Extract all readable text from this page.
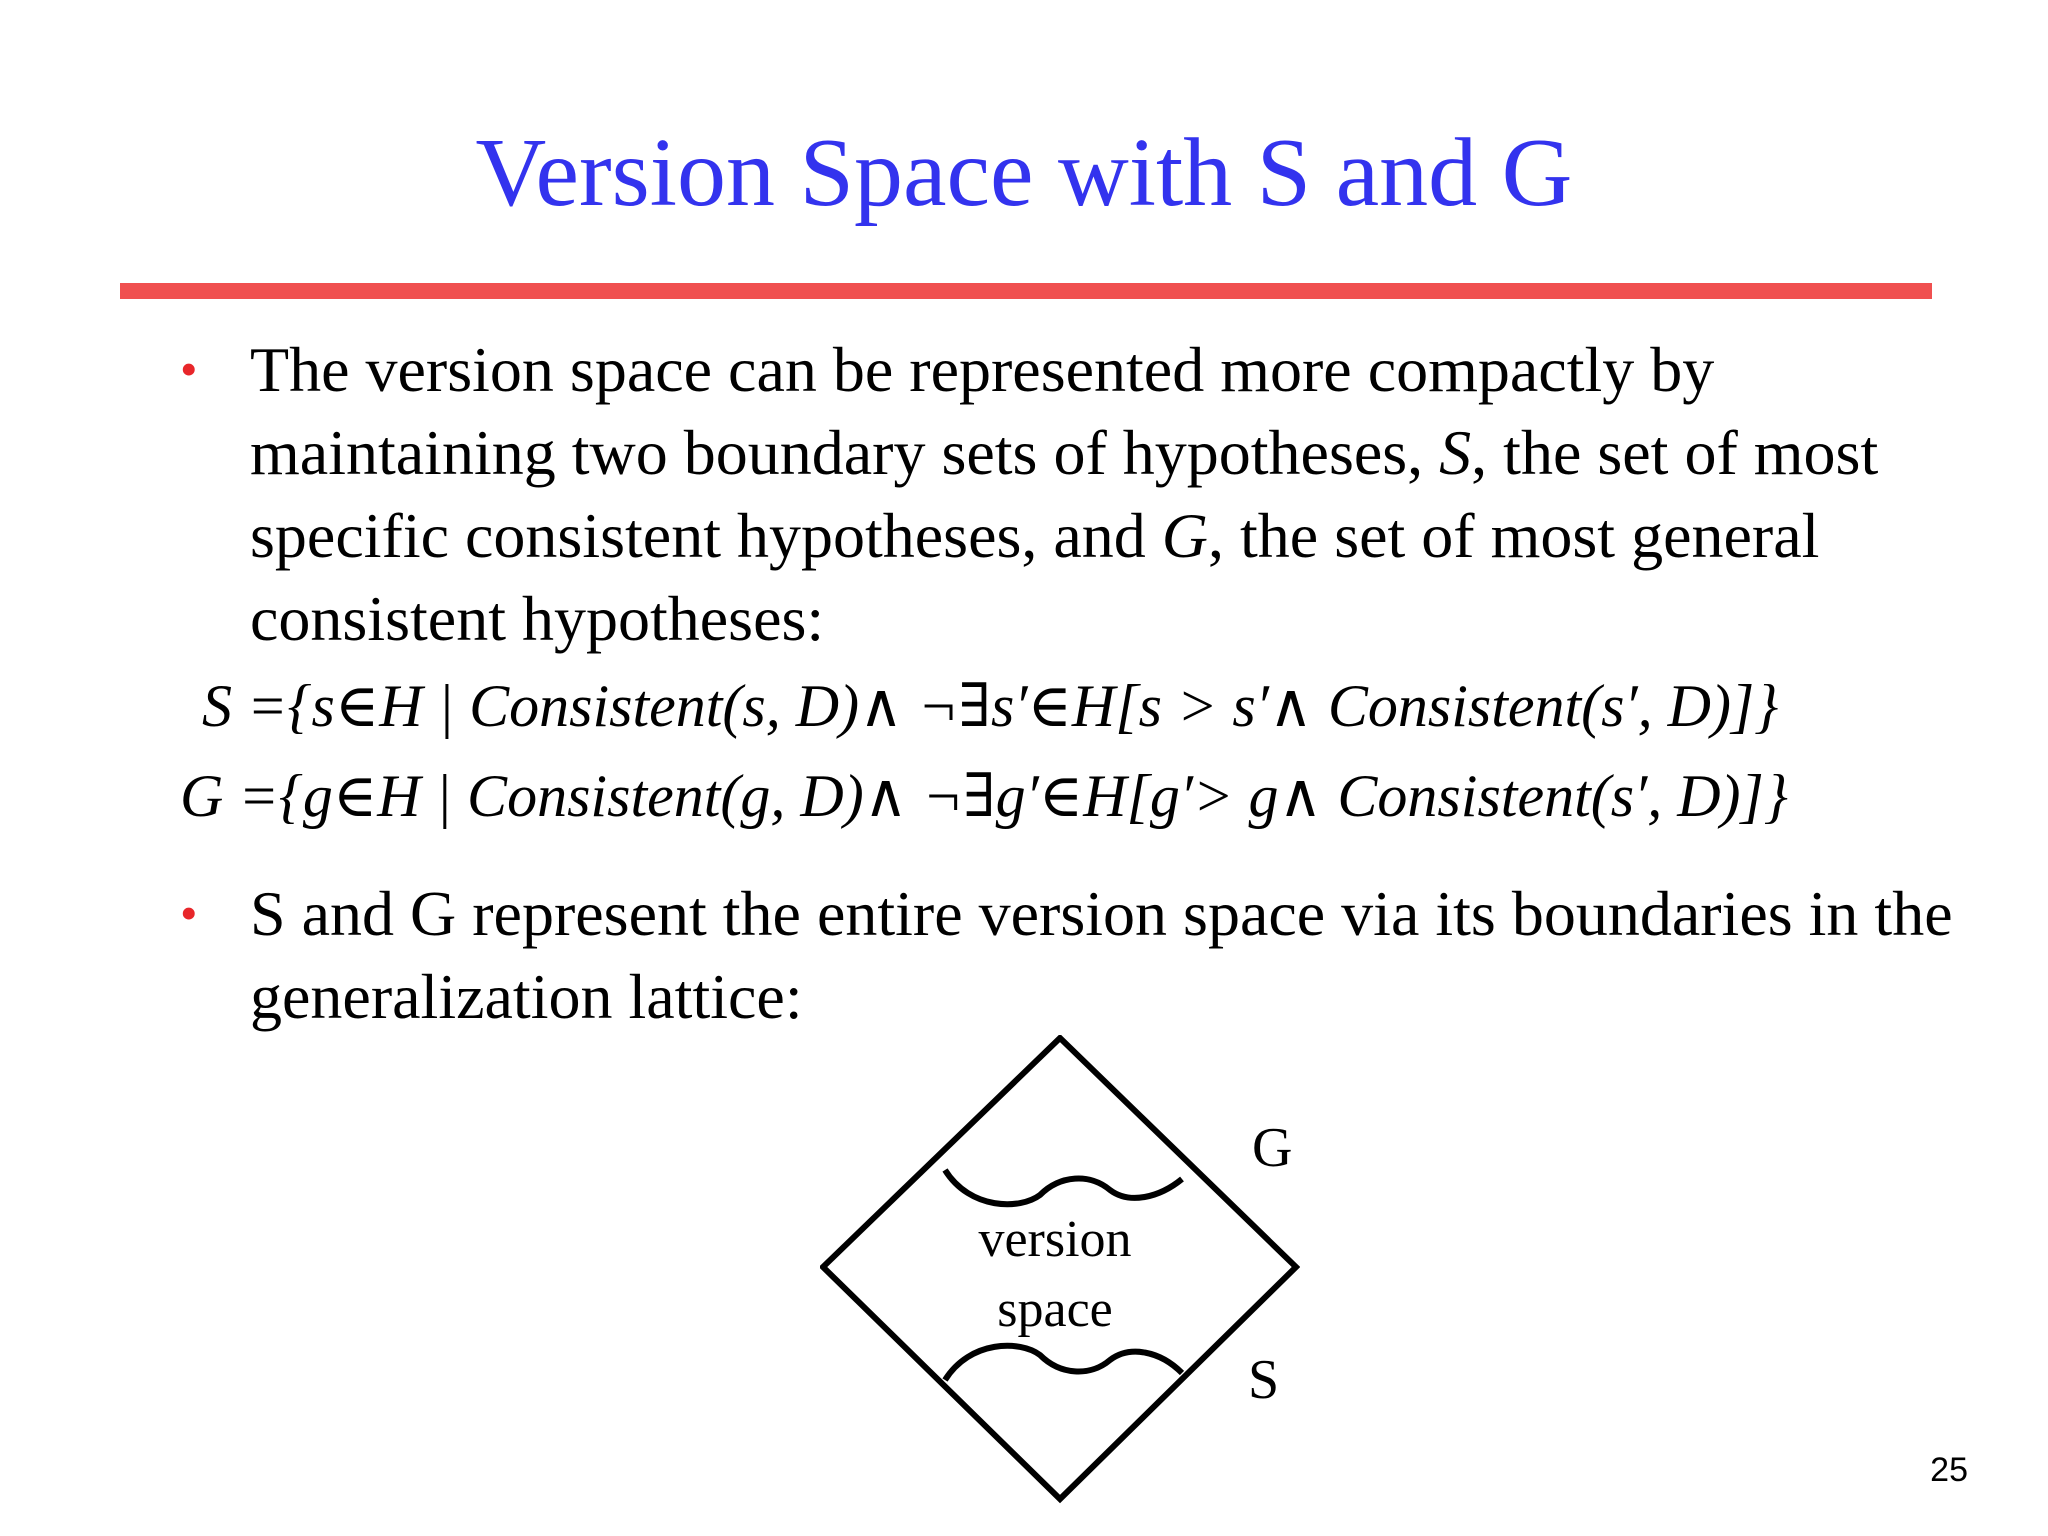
Version Space with S and G

• The version space can be represented more compactly by maintaining two boundary sets of hypotheses, S, the set of most specific consistent hypotheses, and G, the set of most general consistent hypotheses:

S ={s∈H | Consistent(s, D)∧ ¬∃s′∈H[s > s′∧ Consistent(s′, D)]}
G ={g∈H | Consistent(g, D)∧ ¬∃g′∈H[g′> g∧ Consistent(s′, D)]}

• S and G represent the entire version space via its boundaries in the generalization lattice:

G
S
version
space
25
